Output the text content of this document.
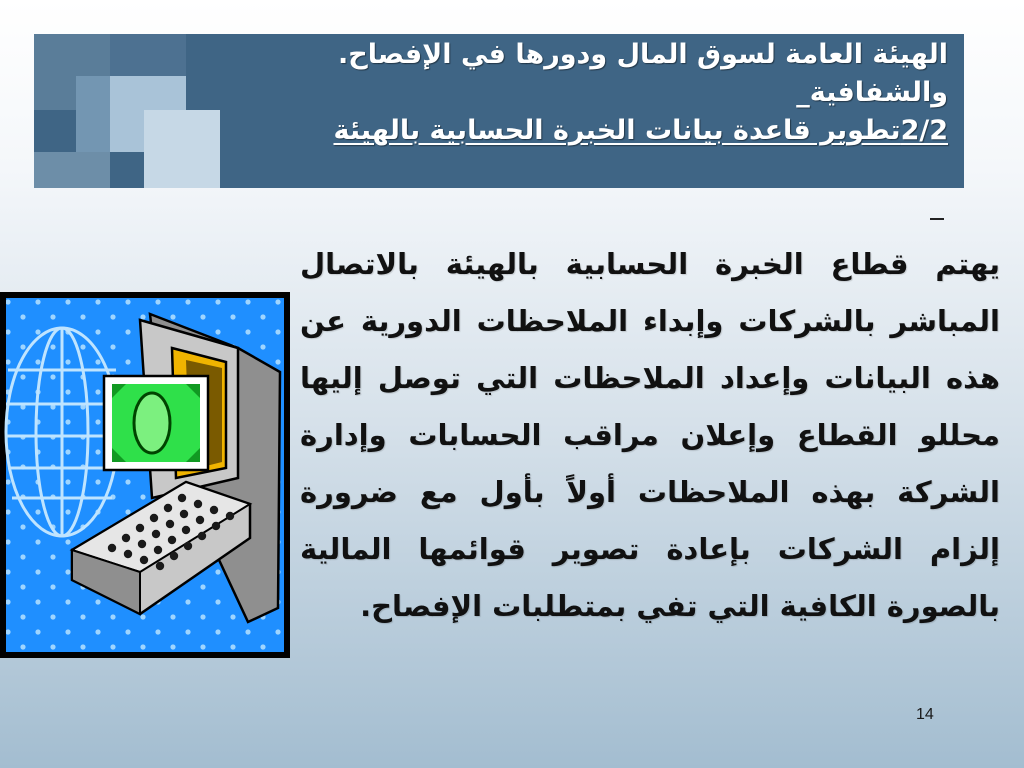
الهيئة العامة لسوق المال ودورها في الإفصاح.
والشفافية_
2/2تطوير قاعدة بيانات الخبرة الحسابية بالهيئة
يهتم قطاع الخبرة الحسابية بالهيئة بالاتصال المباشر بالشركات وإبداء الملاحظات الدورية عن هذه البيانات وإعداد الملاحظات التي توصل إليها محللو القطاع وإعلان مراقب الحسابات وإدارة الشركة بهذه الملاحظات أولاً بأول مع ضرورة إلزام الشركات بإعادة تصوير قوائمها المالية بالصورة الكافية التي تفي بمتطلبات الإفصاح.
14
